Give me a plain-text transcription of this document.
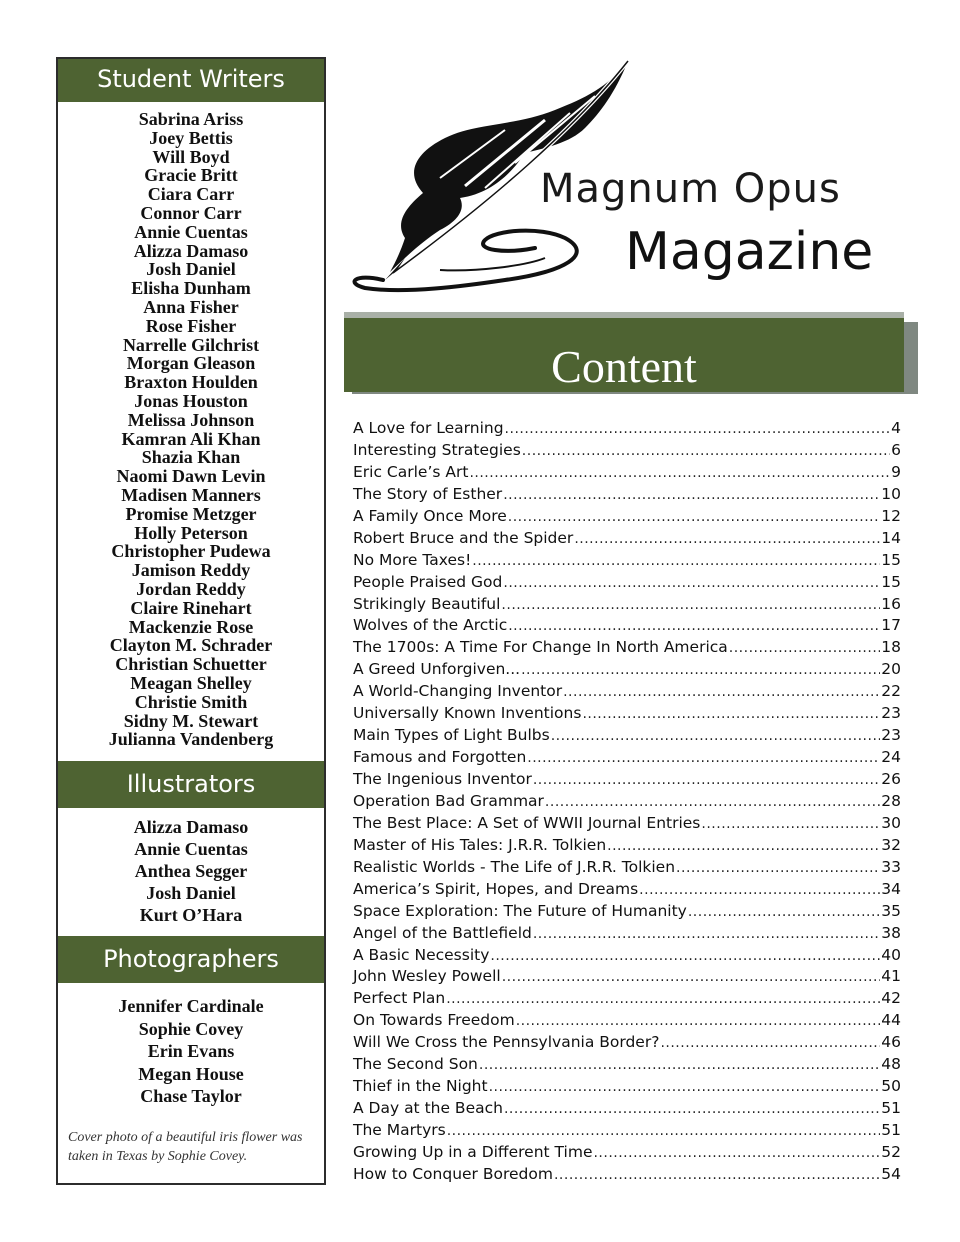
Student Writers
Sabrina Ariss
Joey Bettis
Will Boyd
Gracie Britt
Ciara Carr
Connor Carr
Annie Cuentas
Alizza Damaso
Josh Daniel
Elisha Dunham
Anna Fisher
Rose Fisher
Narrelle Gilchrist
Morgan Gleason
Braxton Houlden
Jonas Houston
Melissa Johnson
Kamran Ali Khan
Shazia Khan
Naomi Dawn Levin
Madisen Manners
Promise Metzger
Holly Peterson
Christopher Pudewa
Jamison Reddy
Jordan Reddy
Claire Rinehart
Mackenzie Rose
Clayton M. Schrader
Christian Schuetter
Meagan Shelley
Christie Smith
Sidny M. Stewart
Julianna Vandenberg
Illustrators
Alizza Damaso
Annie Cuentas
Anthea Segger
Josh Daniel
Kurt O’Hara
Photographers
Jennifer Cardinale
Sophie Covey
Erin Evans
Megan House
Chase Taylor
Cover photo of a beautiful iris flower was taken in Texas by Sophie Covey.
Magnum Opus
Magazine
Content
A Love for Learning .....	4
Interesting Strategies .....	6
Eric Carle’s Art .....	9
The Story of Esther .....	10
A Family Once More .....	12
Robert Bruce and the Spider .....	14
No More Taxes! .....	15
People Praised God .....	15
Strikingly Beautiful .....	16
Wolves of the Arctic .....	17
The 1700s: A Time For Change In North America .....	18
A Greed Unforgiven... .....	20
A World-Changing Inventor .....	22
Universally Known Inventions .....	23
Main Types of Light Bulbs .....	23
Famous and Forgotten .....	24
The Ingenious Inventor .....	26
Operation Bad Grammar .....	28
The Best Place: A Set of WWII Journal Entries .....	30
Master of His Tales: J.R.R. Tolkien .....	32
Realistic Worlds - The Life of J.R.R. Tolkien .....	33
America’s Spirit, Hopes, and Dreams .....	34
Space Exploration: The Future of Humanity .....	35
Angel of the Battlefield .....	38
A Basic Necessity .....	40
John Wesley Powell .....	41
Perfect Plan .....	42
On Towards Freedom .....	44
Will We Cross the Pennsylvania Border? .....	46
The Second Son .....	48
Thief in the Night .....	50
A Day at the Beach .....	51
The Martyrs .....	51
Growing Up in a Different Time .....	52
How to Conquer Boredom .....	54
